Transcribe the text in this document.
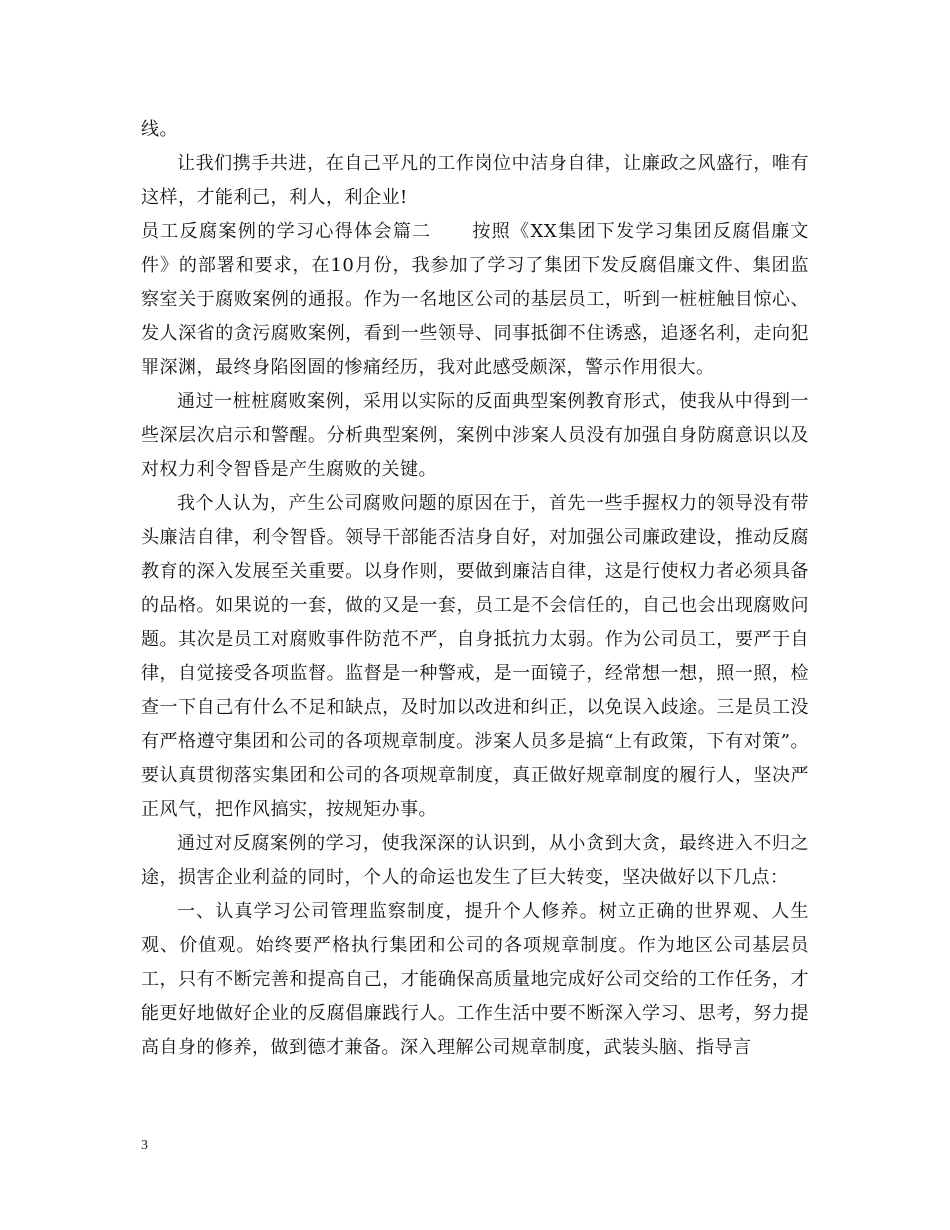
线。

让我们携手共进，在自己平凡的工作岗位中洁身自律，让廉政之风盛行，唯有这样，才能利己，利人，利企业!

员工反腐案例的学习心得体会篇二 按照《XX集团下发学习集团反腐倡廉文件》的部署和要求，在10月份，我参加了学习了集团下发反腐倡廉文件、集团监察室关于腐败案例的通报。作为一名地区公司的基层员工，听到一桩桩触目惊心、发人深省的贪污腐败案例，看到一些领导、同事抵御不住诱惑，追逐名利，走向犯罪深渊，最终身陷囹圄的惨痛经历，我对此感受颇深，警示作用很大。

通过一桩桩腐败案例，采用以实际的反面典型案例教育形式，使我从中得到一些深层次启示和警醒。分析典型案例，案例中涉案人员没有加强自身防腐意识以及对权力利令智昏是产生腐败的关键。

我个人认为，产生公司腐败问题的原因在于，首先一些手握权力的领导没有带头廉洁自律，利令智昏。领导干部能否洁身自好，对加强公司廉政建设，推动反腐教育的深入发展至关重要。以身作则，要做到廉洁自律，这是行使权力者必须具备的品格。如果说的一套，做的又是一套，员工是不会信任的，自己也会出现腐败问题。其次是员工对腐败事件防范不严，自身抵抗力太弱。作为公司员工，要严于自律，自觉接受各项监督。监督是一种警戒，是一面镜子，经常想一想，照一照，检查一下自己有什么不足和缺点，及时加以改进和纠正，以免误入歧途。三是员工没有严格遵守集团和公司的各项规章制度。涉案人员多是搞“上有政策，下有对策”。要认真贯彻落实集团和公司的各项规章制度，真正做好规章制度的履行人，坚决严正风气，把作风搞实，按规矩办事。

通过对反腐案例的学习，使我深深的认识到，从小贪到大贪，最终进入不归之途，损害企业利益的同时，个人的命运也发生了巨大转变，坚决做好以下几点：

一、认真学习公司管理监察制度，提升个人修养。树立正确的世界观、人生观、价值观。始终要严格执行集团和公司的各项规章制度。作为地区公司基层员工，只有不断完善和提高自己，才能确保高质量地完成好公司交给的工作任务，才能更好地做好企业的反腐倡廉践行人。工作生活中要不断深入学习、思考，努力提高自身的修养，做到德才兼备。深入理解公司规章制度，武装头脑、指导言

3
